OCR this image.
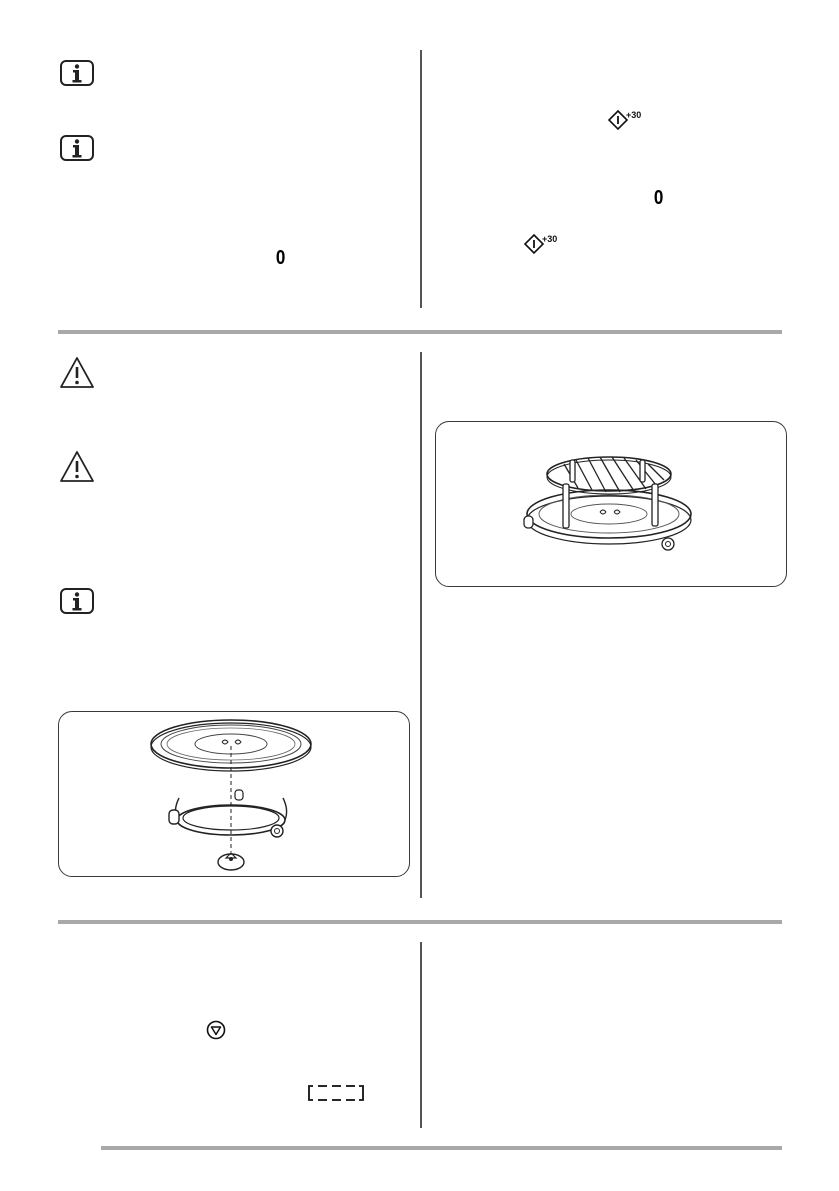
0
+30
0
+30
